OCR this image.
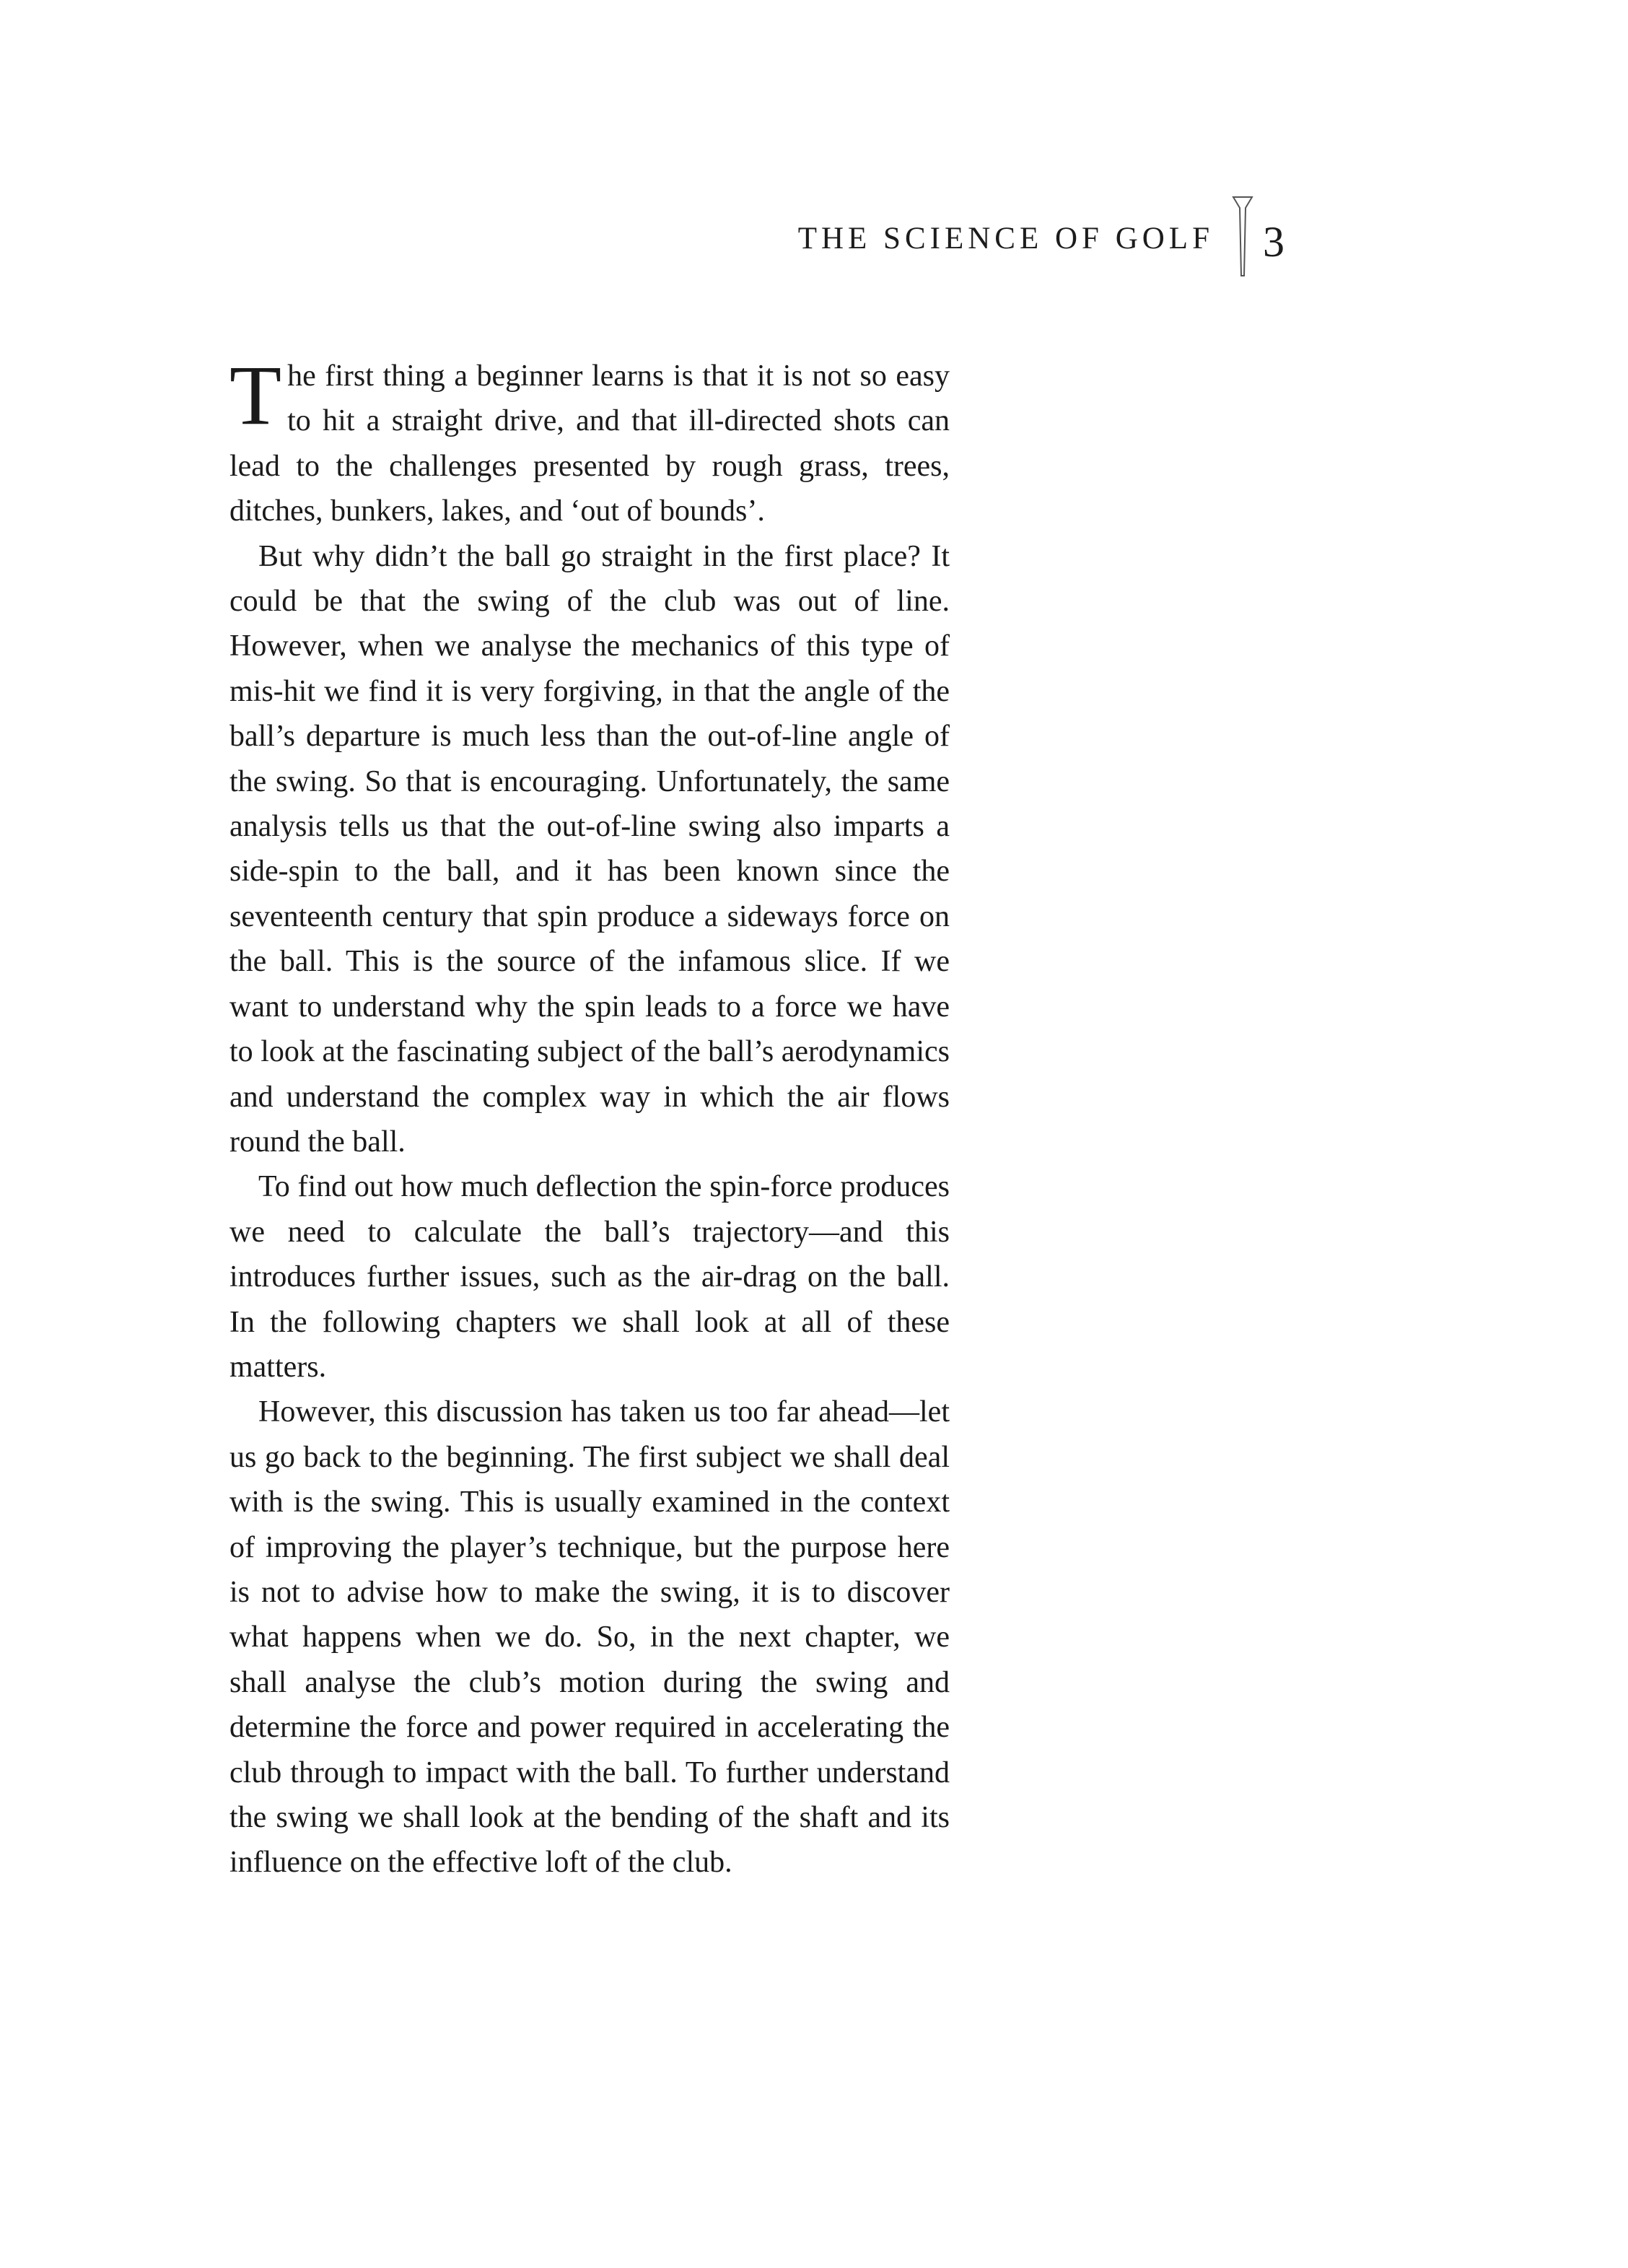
THE SCIENCE OF GOLF 3

The first thing a beginner learns is that it is not so easy to hit a straight drive, and that ill-directed shots can lead to the challenges presented by rough grass, trees, ditches, bunkers, lakes, and ‘out of bounds’.

But why didn’t the ball go straight in the first place? It could be that the swing of the club was out of line. However, when we analyse the mechanics of this type of mis-hit we find it is very forgiving, in that the angle of the ball’s departure is much less than the out-of-line angle of the swing. So that is encouraging. Unfortunately, the same analysis tells us that the out-of-line swing also imparts a side-spin to the ball, and it has been known since the seventeenth century that spin produce a sideways force on the ball. This is the source of the infamous slice. If we want to understand why the spin leads to a force we have to look at the fascinating subject of the ball’s aerodynamics and understand the complex way in which the air flows round the ball.

To find out how much deflection the spin-force produces we need to calculate the ball’s trajectory—and this introduces further issues, such as the air-drag on the ball. In the following chapters we shall look at all of these matters.

However, this discussion has taken us too far ahead—let us go back to the beginning. The first subject we shall deal with is the swing. This is usually examined in the context of improving the player’s technique, but the purpose here is not to advise how to make the swing, it is to discover what happens when we do. So, in the next chapter, we shall analyse the club’s motion during the swing and determine the force and power required in accelerating the club through to impact with the ball. To further understand the swing we shall look at the bending of the shaft and its influence on the effective loft of the club.
